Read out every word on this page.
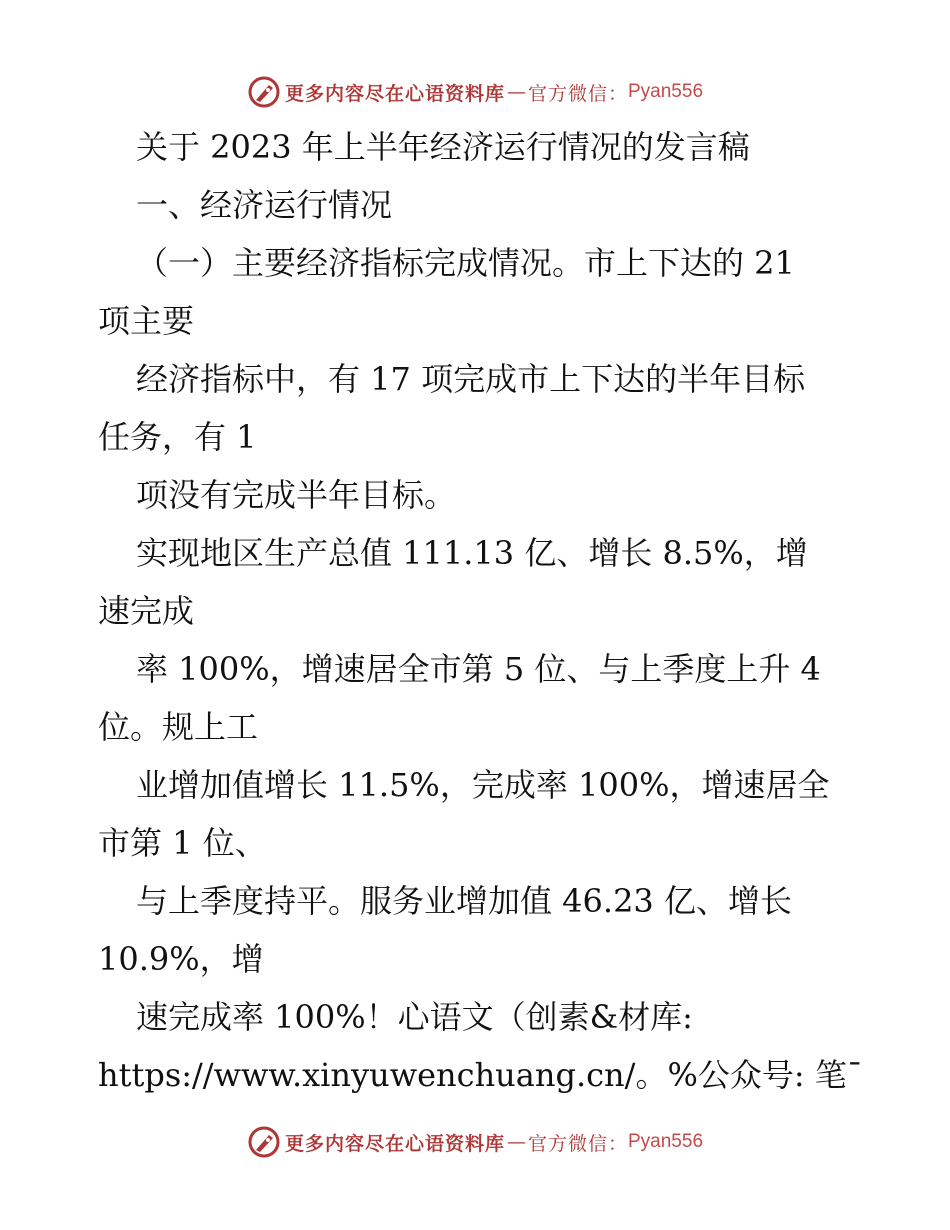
更多内容尽在心语资料库 — 官方微信： Pyan556
关于 2023 年上半年经济运行情况的发言稿
一、经济运行情况
（一）主要经济指标完成情况。市上下达的 21
项主要
经济指标中，有 17 项完成市上下达的半年目标
任务，有 1
项没有完成半年目标。
实现地区生产总值 111.13 亿、增长 8.5%，增
速完成
率 100%，增速居全市第 5 位、与上季度上升 4
位。规上工
业增加值增长 11.5%，完成率 100%，增速居全
市第 1 位、
与上季度持平。服务业增加值 46.23 亿、增长
10.9%，增
速完成率 100%！心语文（创素&材库:
https://www.xinyuwenchuang.cn/。%公众号: 笔¯
更多内容尽在心语资料库 — 官方微信： Pyan556
